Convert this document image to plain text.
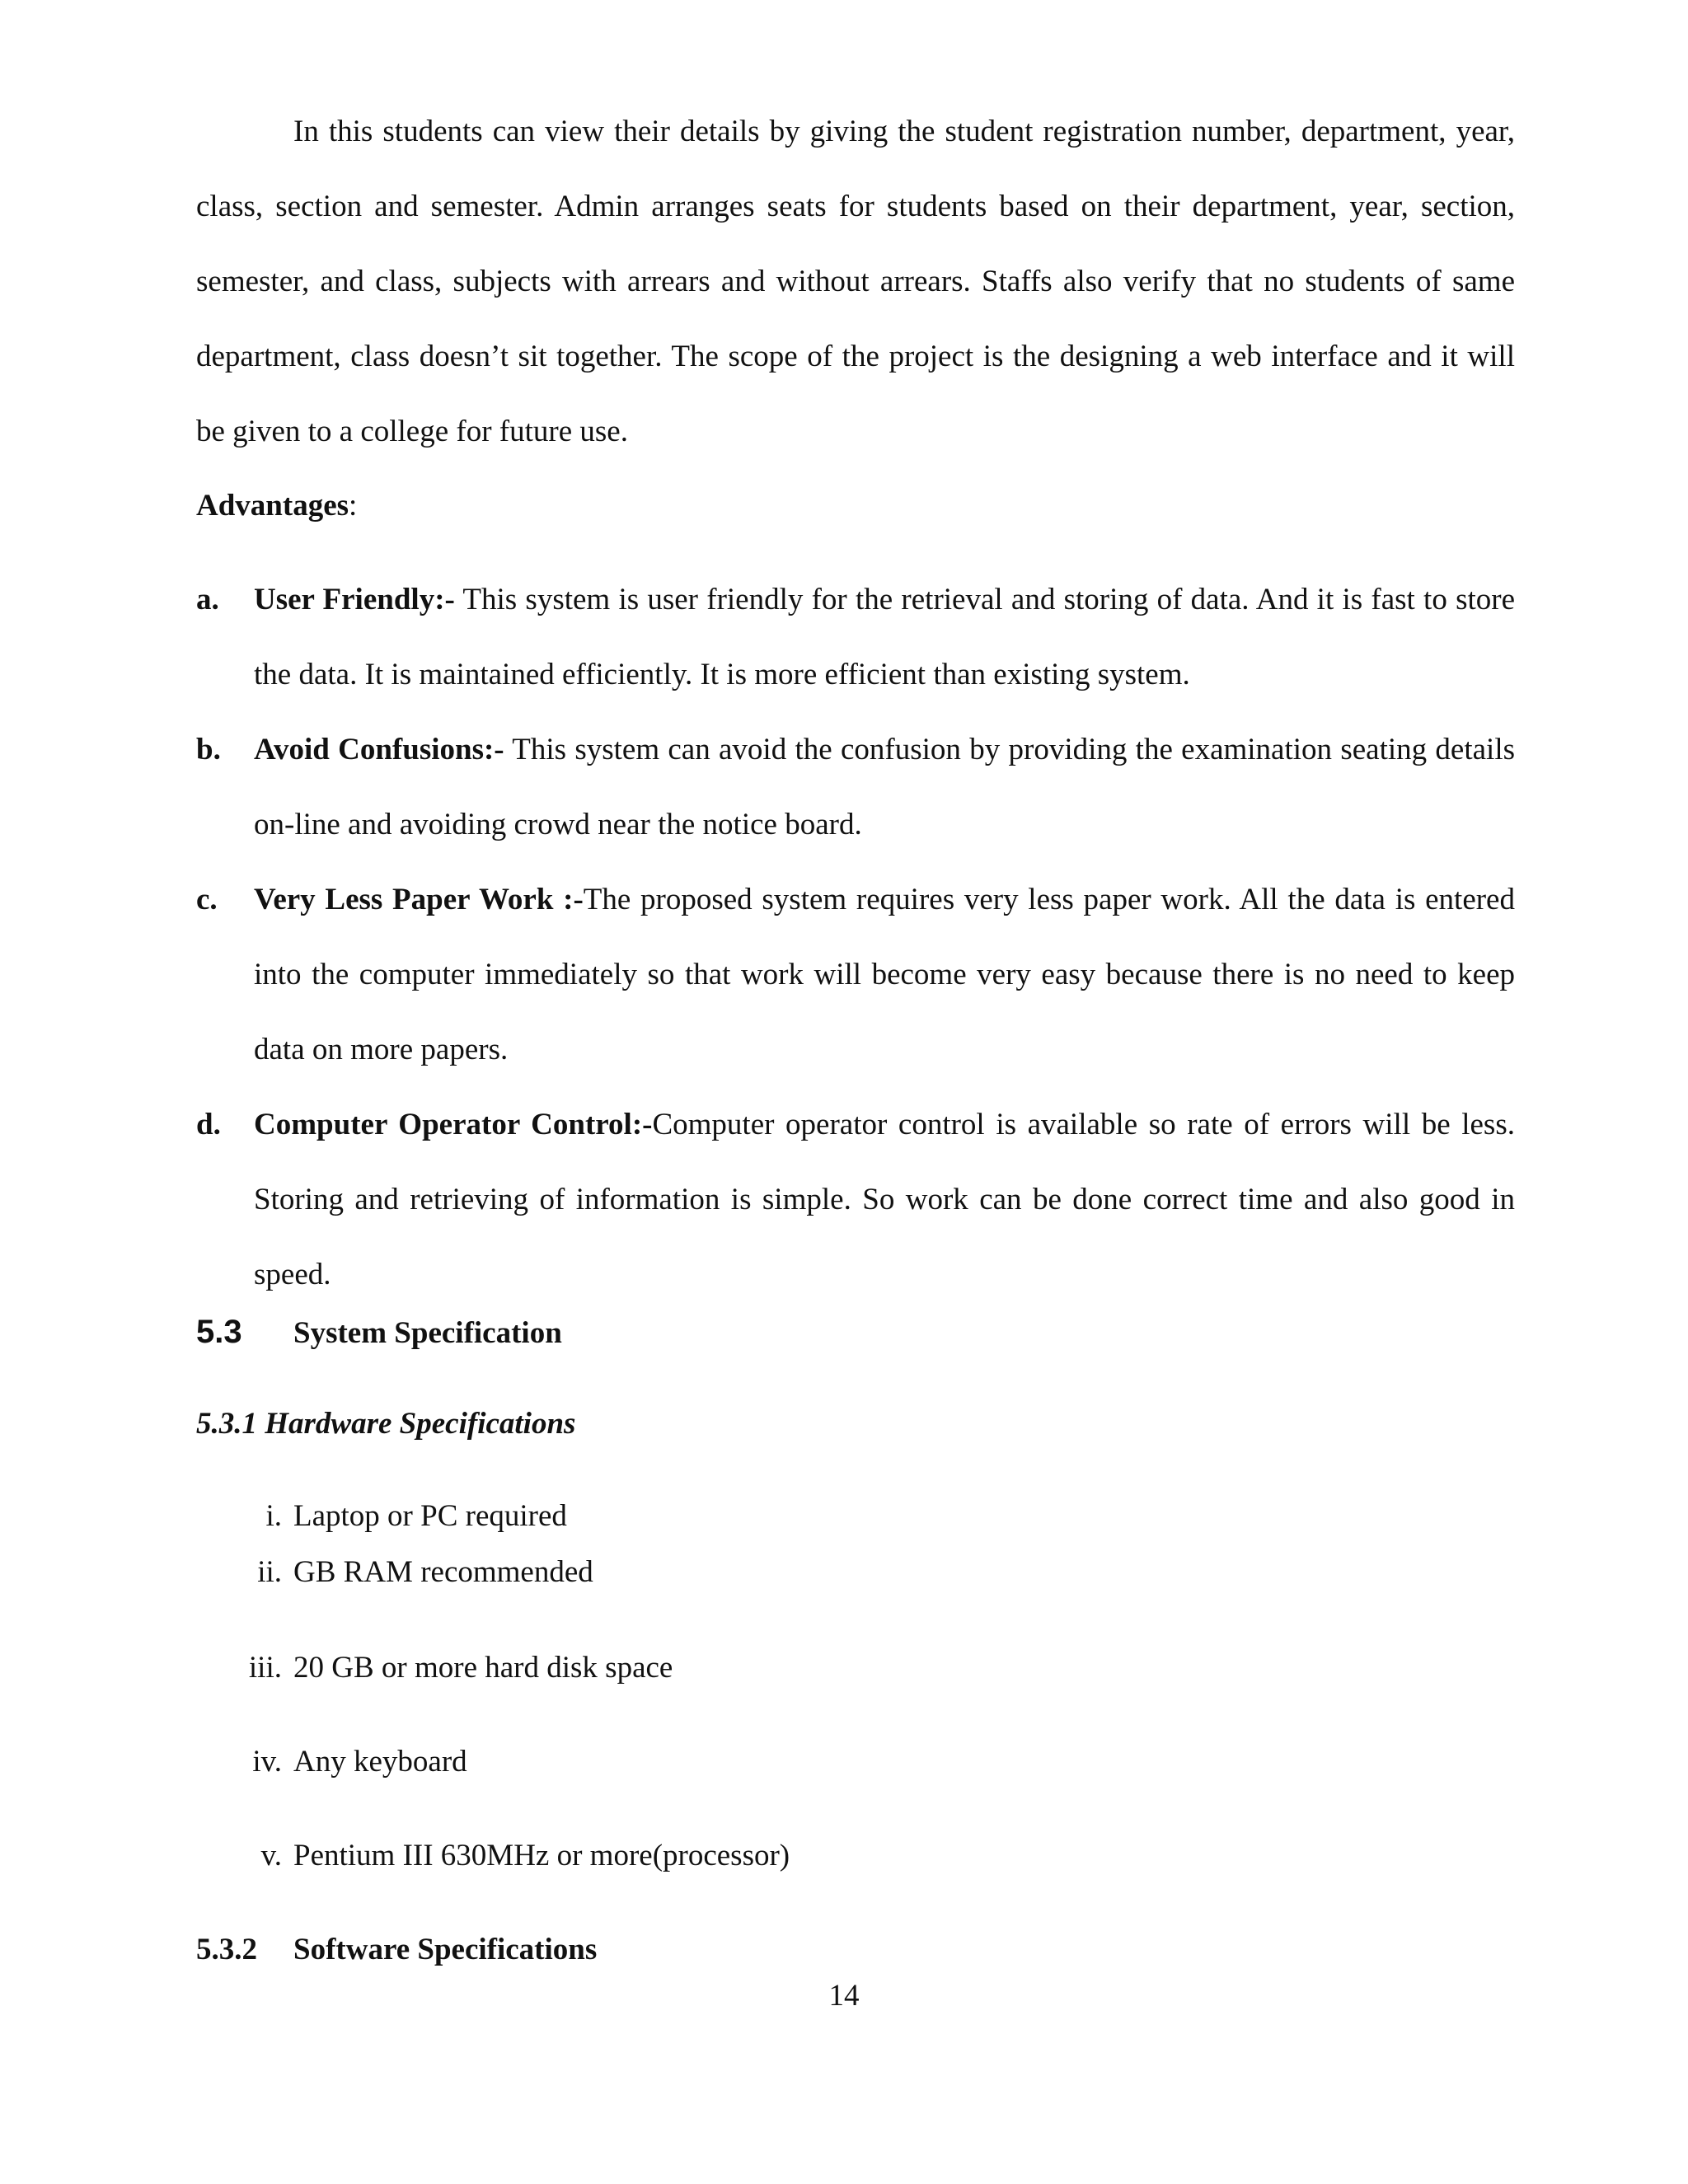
In this students can view their details by giving the student registration number, department, year, class, section and semester. Admin arranges seats for students based on their department, year, section, semester, and class, subjects with arrears and without arrears. Staffs also verify that no students of same department, class doesn’t sit together. The scope of the project is the designing a web interface and it will be given to a college for future use.
Advantages:
a.	User Friendly:- This system is user friendly for the retrieval and storing of data. And it is fast to store the data. It is maintained efficiently. It is more efficient than existing system.
b.	Avoid Confusions:- This system can avoid the confusion by providing the examination seating details on-line and avoiding crowd near the notice board.
c.	Very Less Paper Work :-The proposed system requires very less paper work. All the data is entered into the computer immediately so that work will become very easy because there is no need to keep data on more papers.
d.	Computer Operator Control:-Computer operator control is available so rate of errors will be less. Storing and retrieving of information is simple. So work can be done correct time and also good in speed.
5.3 System Specification
5.3.1 Hardware Specifications
i. Laptop or PC required
ii. GB RAM recommended
iii. 20 GB or more hard disk space
iv. Any keyboard
v. Pentium III 630MHz or more(processor)
5.3.2 Software Specifications
14
